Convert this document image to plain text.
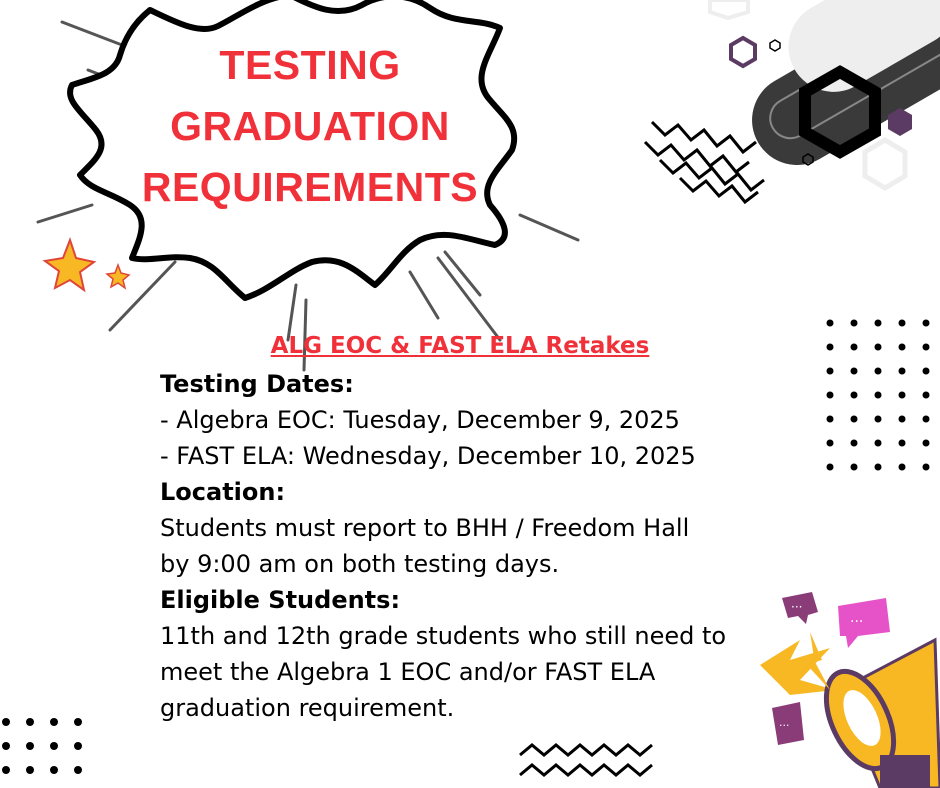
···
···
···
TESTING
GRADUATION
REQUIREMENTS
ALG EOC & FAST ELA Retakes
Testing Dates:
- Algebra EOC: Tuesday, December 9, 2025
- FAST ELA: Wednesday, December 10, 2025
Location:
Students must report to BHH / Freedom Hall
by 9:00 am on both testing days.
Eligible Students:
11th and 12th grade students who still need to
meet the Algebra 1 EOC and/or FAST ELA
graduation requirement.
